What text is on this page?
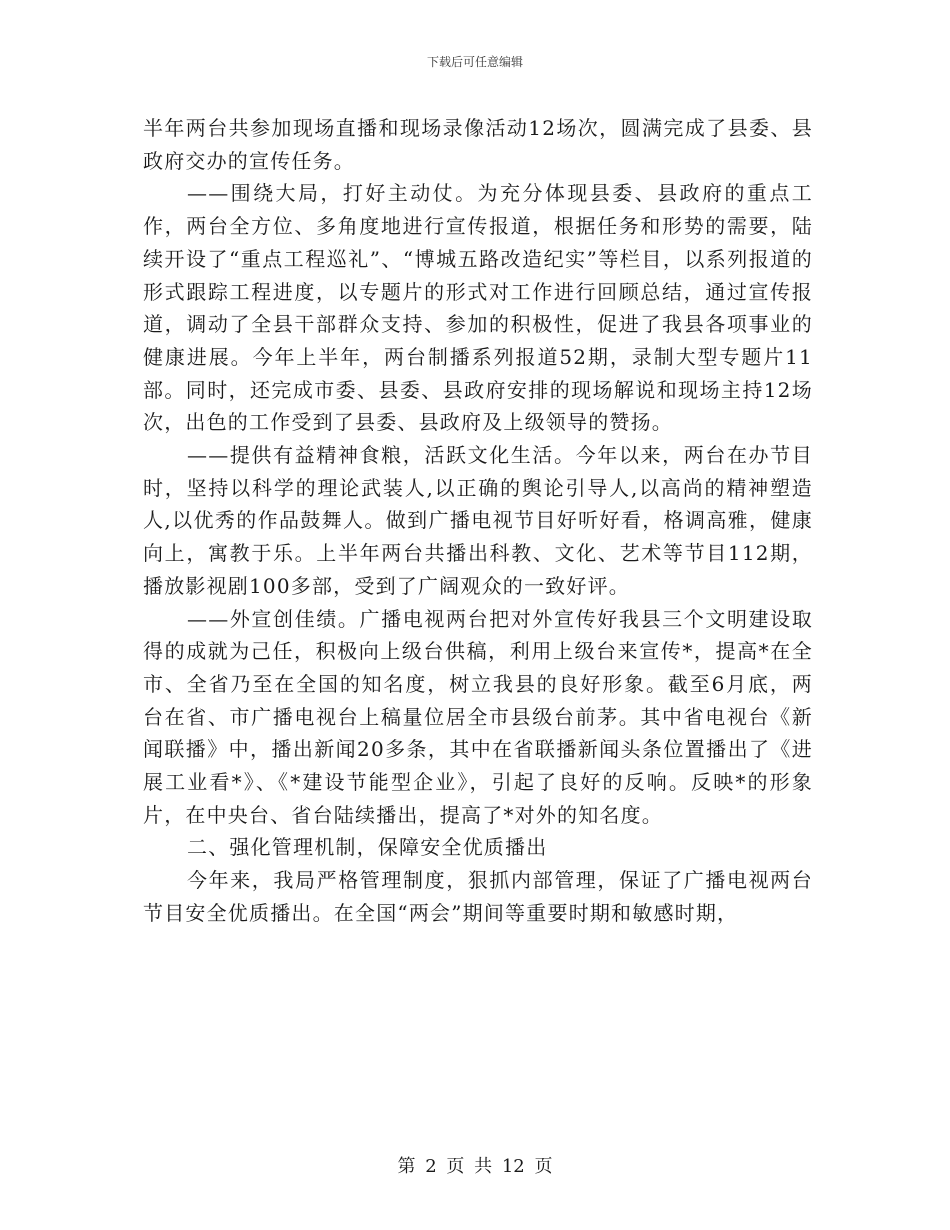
下载后可任意编辑

半年两台共参加现场直播和现场录像活动12场次，圆满完成了县委、县政府交办的宣传任务。

——围绕大局，打好主动仗。为充分体现县委、县政府的重点工作，两台全方位、多角度地进行宣传报道，根据任务和形势的需要，陆续开设了“重点工程巡礼”、“博城五路改造纪实”等栏目，以系列报道的形式跟踪工程进度，以专题片的形式对工作进行回顾总结，通过宣传报道，调动了全县干部群众支持、参加的积极性，促进了我县各项事业的健康进展。今年上半年，两台制播系列报道52期，录制大型专题片11部。同时，还完成市委、县委、县政府安排的现场解说和现场主持12场次，出色的工作受到了县委、县政府及上级领导的赞扬。

——提供有益精神食粮，活跃文化生活。今年以来，两台在办节目时，坚持以科学的理论武装人,以正确的舆论引导人,以高尚的精神塑造人,以优秀的作品鼓舞人。做到广播电视节目好听好看，格调高雅，健康向上，寓教于乐。上半年两台共播出科教、文化、艺术等节目112期，播放影视剧100多部，受到了广阔观众的一致好评。

——外宣创佳绩。广播电视两台把对外宣传好我县三个文明建设取得的成就为己任，积极向上级台供稿，利用上级台来宣传*，提高*在全市、全省乃至在全国的知名度，树立我县的良好形象。截至6月底，两台在省、市广播电视台上稿量位居全市县级台前茅。其中省电视台《新闻联播》中，播出新闻20多条，其中在省联播新闻头条位置播出了《进展工业看*》、《*建设节能型企业》，引起了良好的反响。反映*的形象片，在中央台、省台陆续播出，提高了*对外的知名度。

二、强化管理机制，保障安全优质播出

今年来，我局严格管理制度，狠抓内部管理，保证了广播电视两台节目安全优质播出。在全国“两会”期间等重要时期和敏感时期，

第 2 页 共 12 页
